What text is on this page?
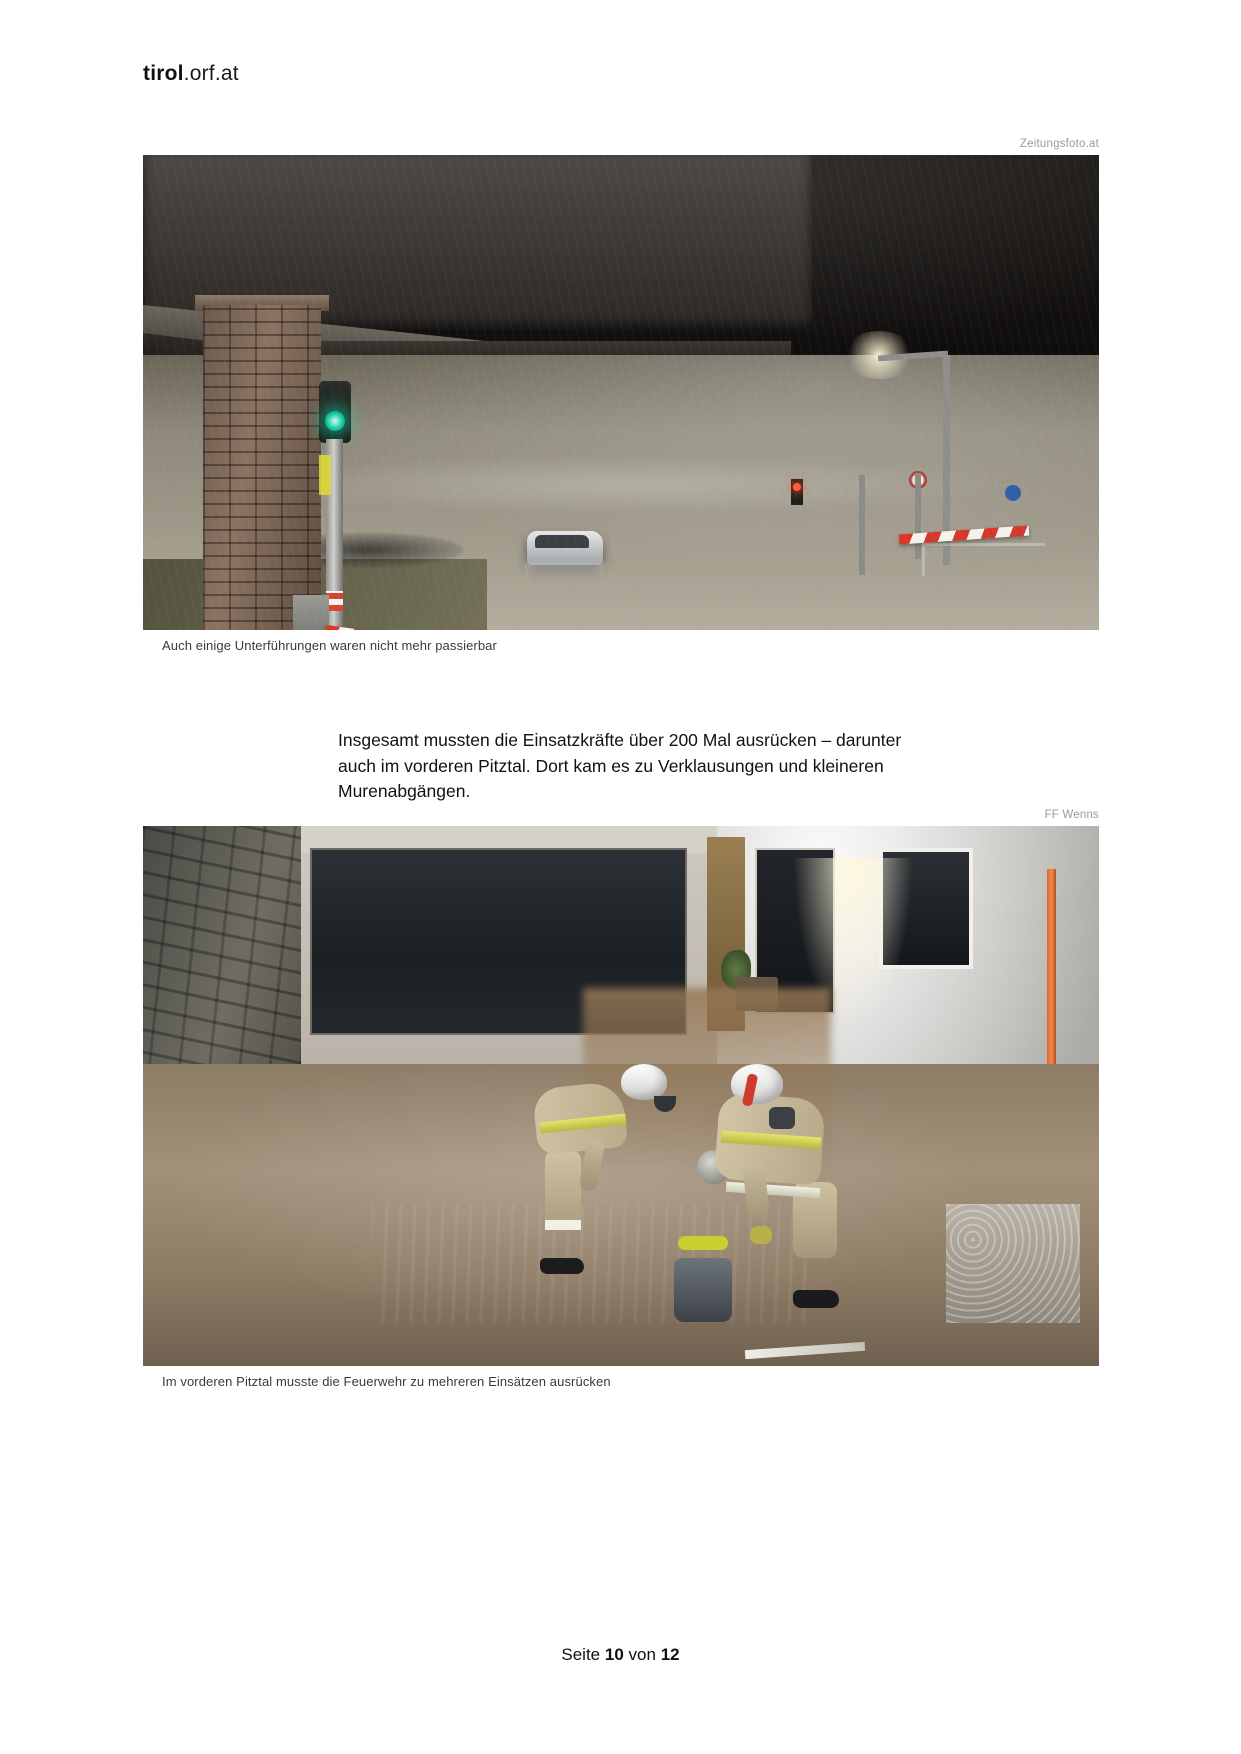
tirol.orf.at
Zeitungsfoto.at
Auch einige Unterführungen waren nicht mehr passierbar
Insgesamt mussten die Einsatzkräfte über 200 Mal ausrücken – darunter auch im vorderen Pitztal. Dort kam es zu Verklausungen und kleineren Murenabgängen.
FF Wenns
Im vorderen Pitztal musste die Feuerwehr zu mehreren Einsätzen ausrücken
Seite 10 von 12
